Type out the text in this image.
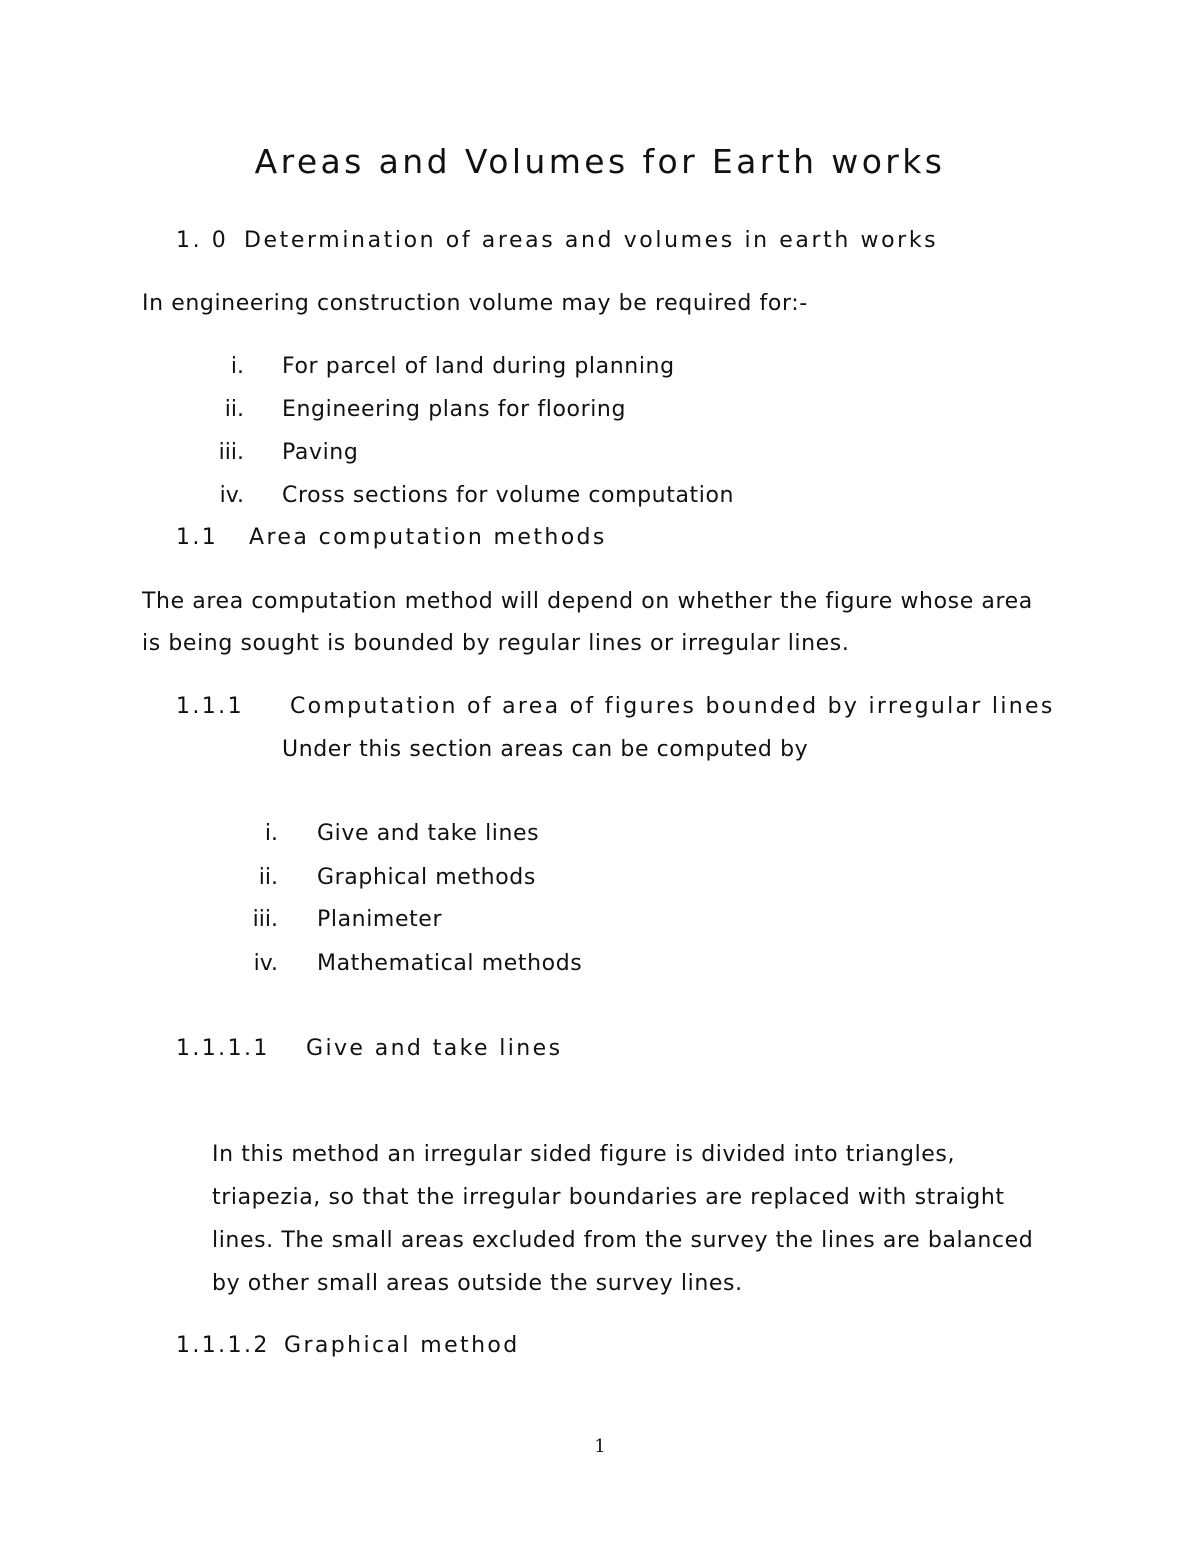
Areas and Volumes for Earth works
1. 0 Determination of areas and volumes in earth works
In engineering construction volume may be required for:-
i. For parcel of land during planning
ii. Engineering plans for flooring
iii. Paving
iv. Cross sections for volume computation
1.1 Area computation methods
The area computation method will depend on whether the figure whose area
is being sought is bounded by regular lines or irregular lines.
1.1.1 Computation of area of figures bounded by irregular lines
Under this section areas can be computed by
i. Give and take lines
ii. Graphical methods
iii. Planimeter
iv. Mathematical methods
1.1.1.1 Give and take lines
In this method an irregular sided figure is divided into triangles,
triapezia, so that the irregular boundaries are replaced with straight
lines. The small areas excluded from the survey the lines are balanced
by other small areas outside the survey lines.
1.1.1.2 Graphical method
1
